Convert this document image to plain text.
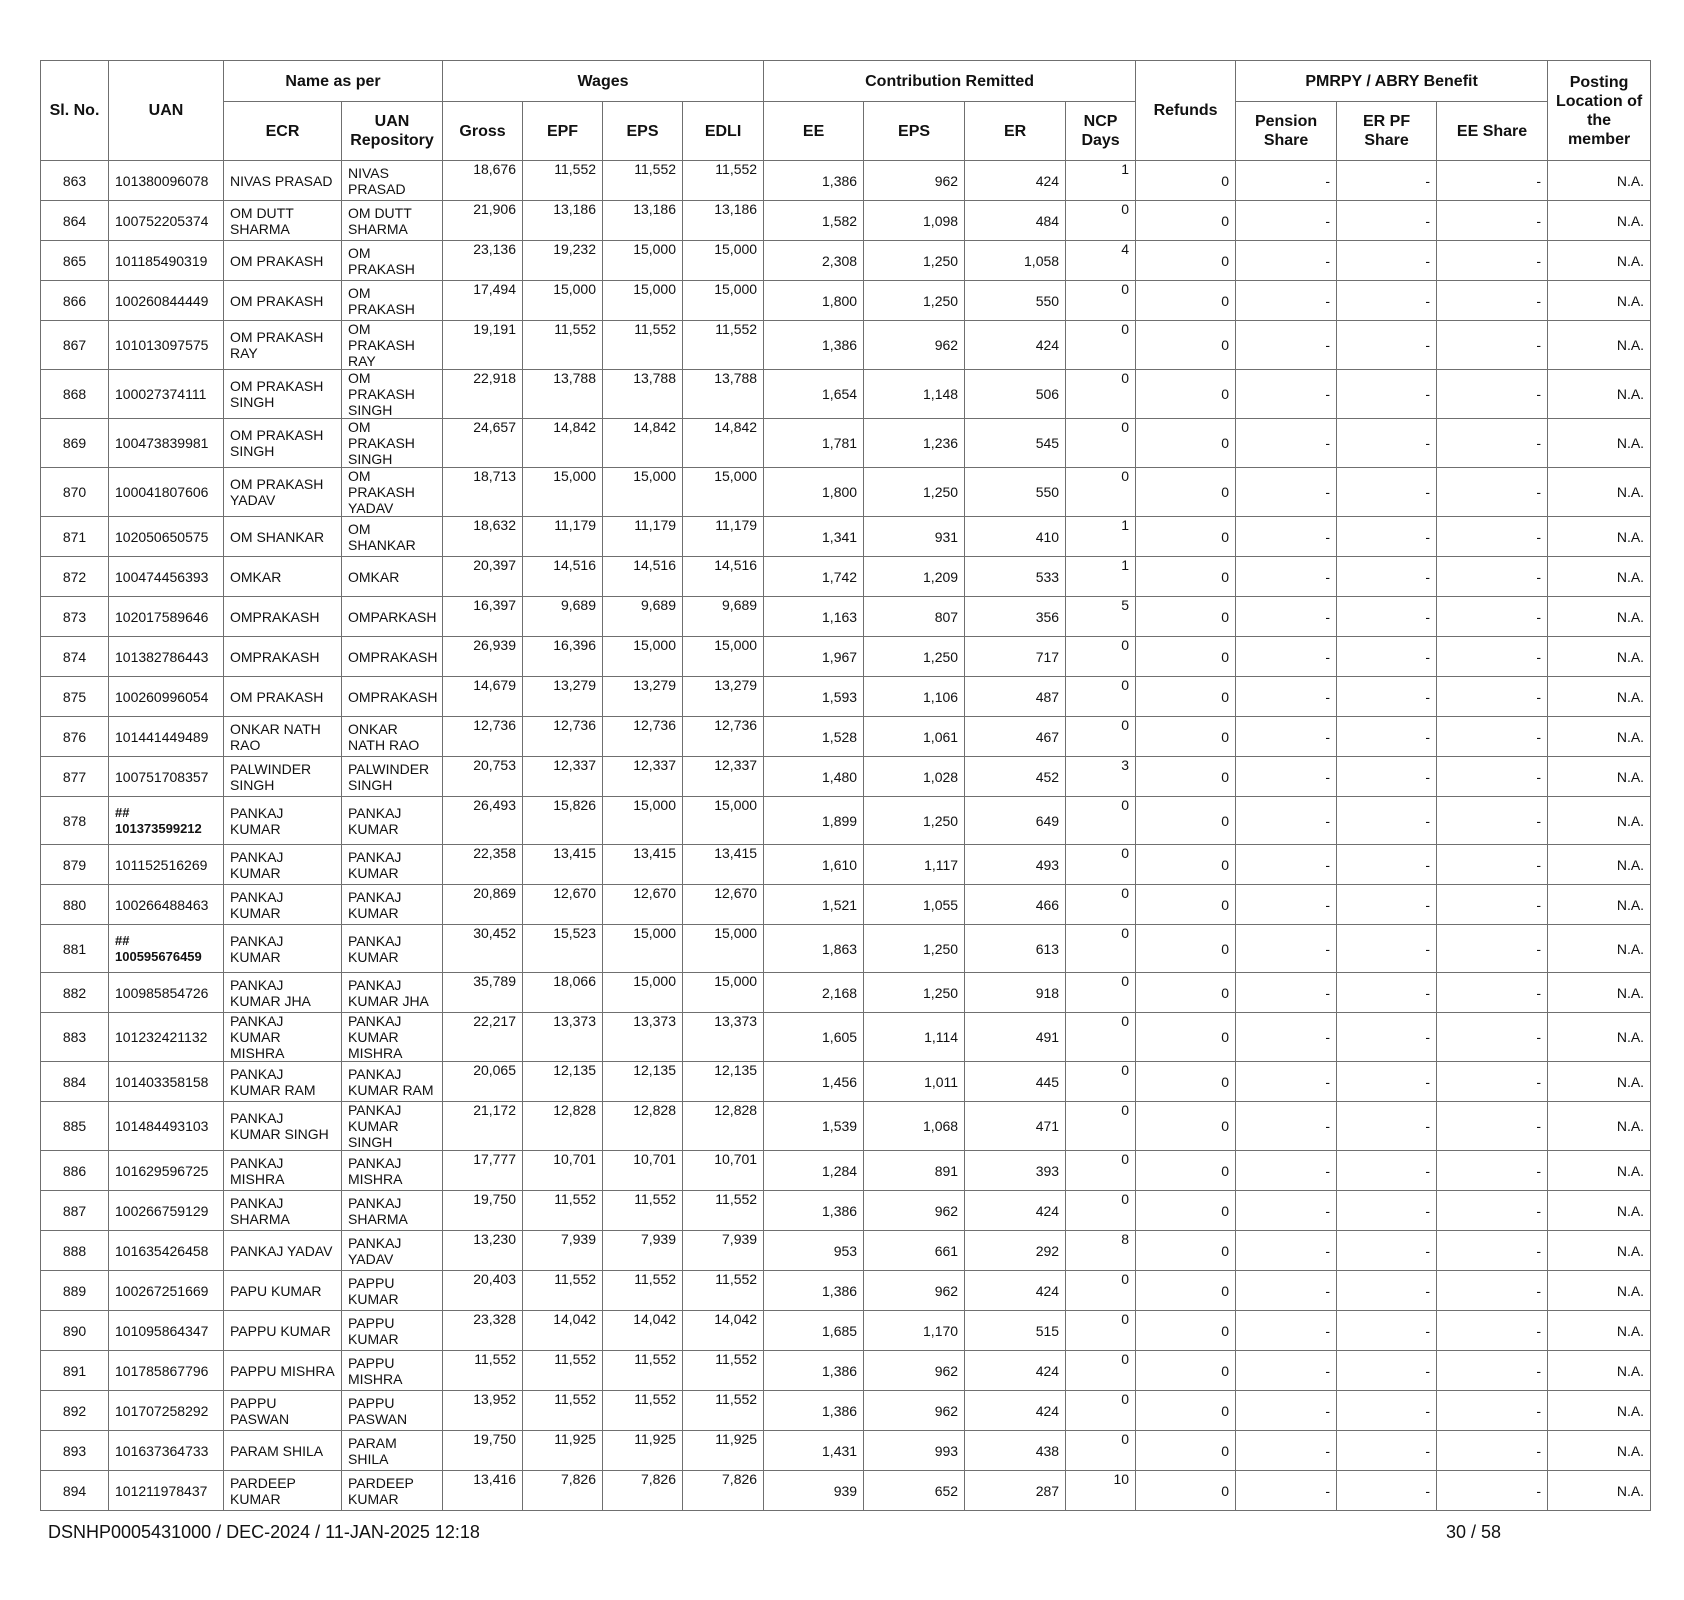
Sl. No.	UAN	Name as per		Wages				Contribution Remitted				Refunds	PMRPY / ABRY Benefit			Posting Location of the member
		ECR	UAN Repository	Gross	EPF	EPS	EDLI	EE	EPS	ER	NCP Days		Pension Share	ER PF Share	EE Share	
863	101380096078	NIVAS PRASAD	NIVAS PRASAD	18,676	11,552	11,552	11,552	1,386	962	424	1	0	-	-	-	N.A.
864	100752205374	OM DUTT SHARMA	OM DUTT SHARMA	21,906	13,186	13,186	13,186	1,582	1,098	484	0	0	-	-	-	N.A.
865	101185490319	OM PRAKASH	OM PRAKASH	23,136	19,232	15,000	15,000	2,308	1,250	1,058	4	0	-	-	-	N.A.
866	100260844449	OM PRAKASH	OM PRAKASH	17,494	15,000	15,000	15,000	1,800	1,250	550	0	0	-	-	-	N.A.
867	101013097575	OM PRAKASH RAY	OM PRAKASH RAY	19,191	11,552	11,552	11,552	1,386	962	424	0	0	-	-	-	N.A.
868	100027374111	OM PRAKASH SINGH	OM PRAKASH SINGH	22,918	13,788	13,788	13,788	1,654	1,148	506	0	0	-	-	-	N.A.
869	100473839981	OM PRAKASH SINGH	OM PRAKASH SINGH	24,657	14,842	14,842	14,842	1,781	1,236	545	0	0	-	-	-	N.A.
870	100041807606	OM PRAKASH YADAV	OM PRAKASH YADAV	18,713	15,000	15,000	15,000	1,800	1,250	550	0	0	-	-	-	N.A.
871	102050650575	OM SHANKAR	OM SHANKAR	18,632	11,179	11,179	11,179	1,341	931	410	1	0	-	-	-	N.A.
872	100474456393	OMKAR	OMKAR	20,397	14,516	14,516	14,516	1,742	1,209	533	1	0	-	-	-	N.A.
873	102017589646	OMPRAKASH	OMPARKASH	16,397	9,689	9,689	9,689	1,163	807	356	5	0	-	-	-	N.A.
874	101382786443	OMPRAKASH	OMPRAKASH	26,939	16,396	15,000	15,000	1,967	1,250	717	0	0	-	-	-	N.A.
875	100260996054	OM PRAKASH	OMPRAKASH	14,679	13,279	13,279	13,279	1,593	1,106	487	0	0	-	-	-	N.A.
876	101441449489	ONKAR NATH RAO	ONKAR NATH RAO	12,736	12,736	12,736	12,736	1,528	1,061	467	0	0	-	-	-	N.A.
877	100751708357	PALWINDER SINGH	PALWINDER SINGH	20,753	12,337	12,337	12,337	1,480	1,028	452	3	0	-	-	-	N.A.
878	## 101373599212	PANKAJ KUMAR	PANKAJ KUMAR	26,493	15,826	15,000	15,000	1,899	1,250	649	0	0	-	-	-	N.A.
879	101152516269	PANKAJ KUMAR	PANKAJ KUMAR	22,358	13,415	13,415	13,415	1,610	1,117	493	0	0	-	-	-	N.A.
880	100266488463	PANKAJ KUMAR	PANKAJ KUMAR	20,869	12,670	12,670	12,670	1,521	1,055	466	0	0	-	-	-	N.A.
881	## 100595676459	PANKAJ KUMAR	PANKAJ KUMAR	30,452	15,523	15,000	15,000	1,863	1,250	613	0	0	-	-	-	N.A.
882	100985854726	PANKAJ KUMAR JHA	PANKAJ KUMAR JHA	35,789	18,066	15,000	15,000	2,168	1,250	918	0	0	-	-	-	N.A.
883	101232421132	PANKAJ KUMAR MISHRA	PANKAJ KUMAR MISHRA	22,217	13,373	13,373	13,373	1,605	1,114	491	0	0	-	-	-	N.A.
884	101403358158	PANKAJ KUMAR RAM	PANKAJ KUMAR RAM	20,065	12,135	12,135	12,135	1,456	1,011	445	0	0	-	-	-	N.A.
885	101484493103	PANKAJ KUMAR SINGH	PANKAJ KUMAR SINGH	21,172	12,828	12,828	12,828	1,539	1,068	471	0	0	-	-	-	N.A.
886	101629596725	PANKAJ MISHRA	PANKAJ MISHRA	17,777	10,701	10,701	10,701	1,284	891	393	0	0	-	-	-	N.A.
887	100266759129	PANKAJ SHARMA	PANKAJ SHARMA	19,750	11,552	11,552	11,552	1,386	962	424	0	0	-	-	-	N.A.
888	101635426458	PANKAJ YADAV	PANKAJ YADAV	13,230	7,939	7,939	7,939	953	661	292	8	0	-	-	-	N.A.
889	100267251669	PAPU KUMAR	PAPPU KUMAR	20,403	11,552	11,552	11,552	1,386	962	424	0	0	-	-	-	N.A.
890	101095864347	PAPPU KUMAR	PAPPU KUMAR	23,328	14,042	14,042	14,042	1,685	1,170	515	0	0	-	-	-	N.A.
891	101785867796	PAPPU MISHRA	PAPPU MISHRA	11,552	11,552	11,552	11,552	1,386	962	424	0	0	-	-	-	N.A.
892	101707258292	PAPPU PASWAN	PAPPU PASWAN	13,952	11,552	11,552	11,552	1,386	962	424	0	0	-	-	-	N.A.
893	101637364733	PARAM SHILA	PARAM SHILA	19,750	11,925	11,925	11,925	1,431	993	438	0	0	-	-	-	N.A.
894	101211978437	PARDEEP KUMAR	PARDEEP KUMAR	13,416	7,826	7,826	7,826	939	652	287	10	0	-	-	-	N.A.
DSNHP0005431000 / DEC-2024 / 11-JAN-2025 12:18	30 / 58
